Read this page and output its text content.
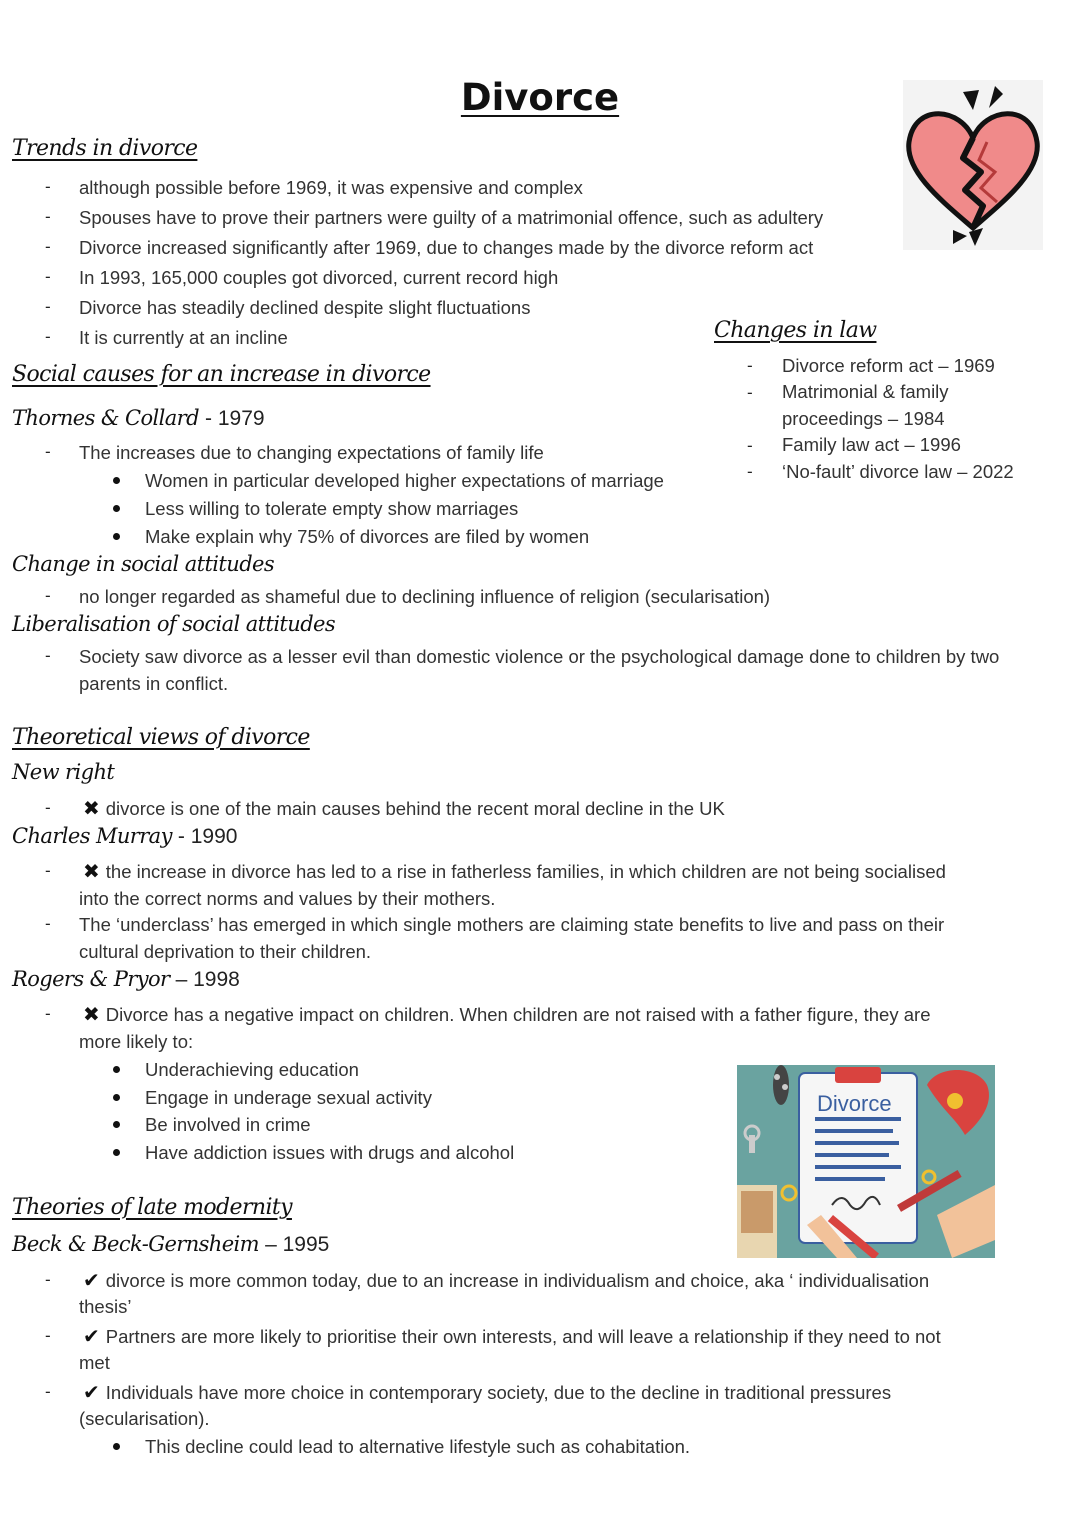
Divorce
Trends in divorce
- although possible before 1969, it was expensive and complex
- Spouses have to prove their partners were guilty of a matrimonial offence, such as adultery
- Divorce increased significantly after 1969, due to changes made by the divorce reform act
- In 1993, 165,000 couples got divorced, current record high
- Divorce has steadily declined despite slight fluctuations
- It is currently at an incline	Changes in law
- Divorce reform act – 1969
- Matrimonial & family
proceedings – 1984
- Family law act – 1996
- ‘No-fault’ divorce law – 2022
Social causes for an increase in divorce
Thornes & Collard - 1979
- The increases due to changing expectations of family life
Women in particular developed higher expectations of marriage
Less willing to tolerate empty show marriages
Make explain why 75% of divorces are filed by women
Change in social attitudes
- no longer regarded as shameful due to declining influence of religion (secularisation)
Liberalisation of social attitudes
- Society saw divorce as a lesser evil than domestic violence or the psychological damage done to children by two
parents in conflict.
Theoretical views of divorce
New right
- ✖ divorce is one of the main causes behind the recent moral decline in the UK
Charles Murray - 1990
- ✖ the increase in divorce has led to a rise in fatherless families, in which children are not being socialised
into the correct norms and values by their mothers.
- The ‘underclass’ has emerged in which single mothers are claiming state benefits to live and pass on their
cultural deprivation to their children.
Rogers & Pryor – 1998
- ✖ Divorce has a negative impact on children. When children are not raised with a father figure, they are
more likely to:
Underachieving education
Engage in underage sexual activity
Be involved in crime
Have addiction issues with drugs and alcohol
Divorce
Theories of late modernity
Beck & Beck-Gernsheim – 1995
- ✔ divorce is more common today, due to an increase in individualism and choice, aka ‘ individualisation
thesis’
- ✔ Partners are more likely to prioritise their own interests, and will leave a relationship if they need to not
met
- ✔ Individuals have more choice in contemporary society, due to the decline in traditional pressures
(secularisation).
This decline could lead to alternative lifestyle such as cohabitation.
